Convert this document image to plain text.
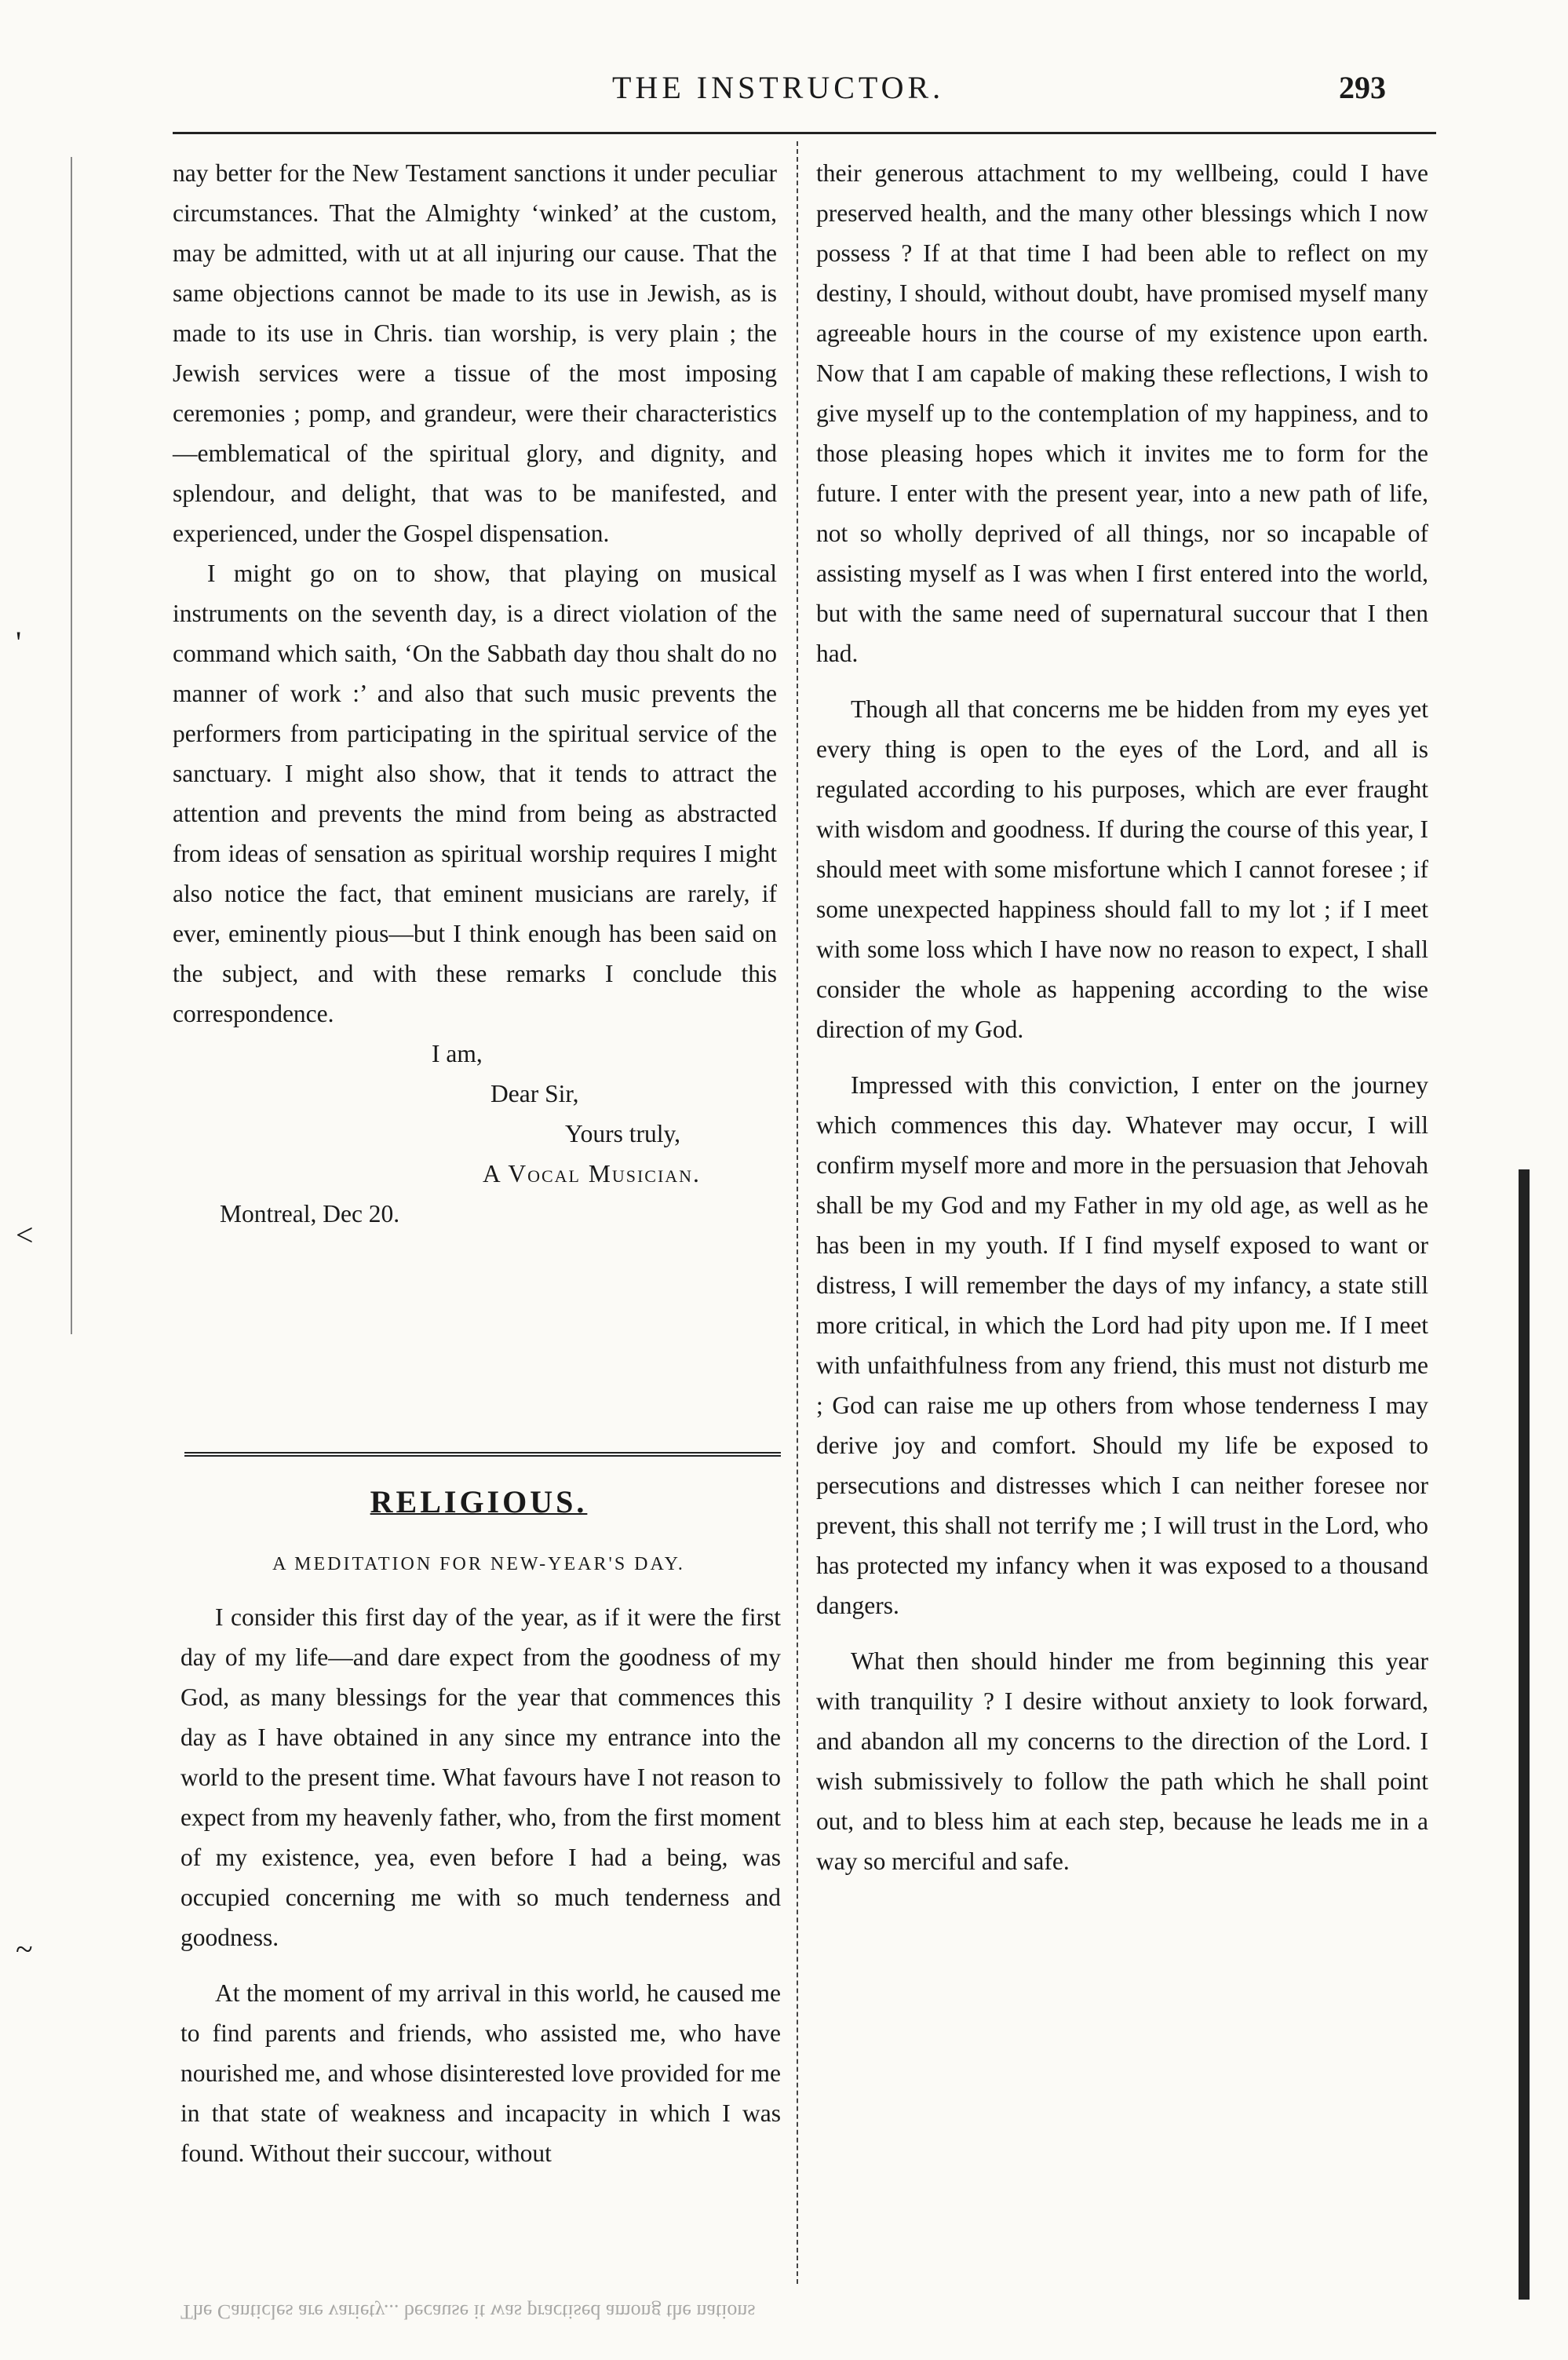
THE INSTRUCTOR.	293
'
˂
~

nay better for the New Testament sanctions it under peculiar circumstances. That the Almighty ‘winked’ at the custom, may be admitted, with ut at all injuring our cause. That the same objections cannot be made to its use in Jewish, as is made to its use in Chris. tian worship, is very plain ; the Jewish services were a tissue of the most imposing ceremonies ; pomp, and grandeur, were their characteristics—emblematical of the spiritual glory, and dignity, and splendour, and delight, that was to be manifested, and experienced, under the Gospel dispensation.

I might go on to show, that playing on musical instruments on the seventh day, is a direct violation of the command which saith, ‘On the Sabbath day thou shalt do no manner of work :’ and also that such music prevents the performers from participating in the spiritual service of the sanctuary. I might also show, that it tends to attract the attention and prevents the mind from being as abstracted from ideas of sensation as spiritual worship requires I might also notice the fact, that eminent musicians are rarely, if ever, eminently pious—but I think enough has been said on the subject, and with these remarks I conclude this correspondence.

I am,
Dear Sir,
Yours truly,
A Vocal Musician.
Montreal, Dec 20.
RELIGIOUS.
A MEDITATION FOR NEW-YEAR'S DAY.

I consider this first day of the year, as if it were the first day of my life—and dare expect from the goodness of my God, as many blessings for the year that commences this day as I have obtained in any since my entrance into the world to the present time. What favours have I not reason to expect from my heavenly father, who, from the first moment of my existence, yea, even before I had a being, was occupied concerning me with so much tenderness and goodness.

At the moment of my arrival in this world, he caused me to find parents and friends, who assisted me, who have nourished me, and whose disinterested love provided for me in that state of weakness and incapacity in which I was found. Without their succour, without

their generous attachment to my wellbeing, could I have preserved health, and the many other blessings which I now possess ? If at that time I had been able to reflect on my destiny, I should, without doubt, have promised myself many agreeable hours in the course of my existence upon earth. Now that I am capable of making these reflections, I wish to give myself up to the contemplation of my happiness, and to those pleasing hopes which it invites me to form for the future. I enter with the present year, into a new path of life, not so wholly deprived of all things, nor so incapable of assisting myself as I was when I first entered into the world, but with the same need of supernatural succour that I then had.

Though all that concerns me be hidden from my eyes yet every thing is open to the eyes of the Lord, and all is regulated according to his purposes, which are ever fraught with wisdom and goodness. If during the course of this year, I should meet with some misfortune which I cannot foresee ; if some unexpected happiness should fall to my lot ; if I meet with some loss which I have now no reason to expect, I shall consider the whole as happening according to the wise direction of my God.

Impressed with this conviction, I enter on the journey which commences this day. Whatever may occur, I will confirm myself more and more in the persuasion that Jehovah shall be my God and my Father in my old age, as well as he has been in my youth. If I find myself exposed to want or distress, I will remember the days of my infancy, a state still more critical, in which the Lord had pity upon me. If I meet with unfaithfulness from any friend, this must not disturb me ; God can raise me up others from whose tenderness I may derive joy and comfort. Should my life be exposed to persecutions and distresses which I can neither foresee nor prevent, this shall not terrify me ; I will trust in the Lord, who has protected my infancy when it was exposed to a thousand dangers.

What then should hinder me from beginning this year with tranquility ? I desire without anxiety to look forward, and abandon all my concerns to the direction of the Lord. I wish submissively to follow the path which he shall point out, and to bless him at each step, because he leads me in a way so merciful and safe.

The Canticles are variety... because it was practised among the nations
